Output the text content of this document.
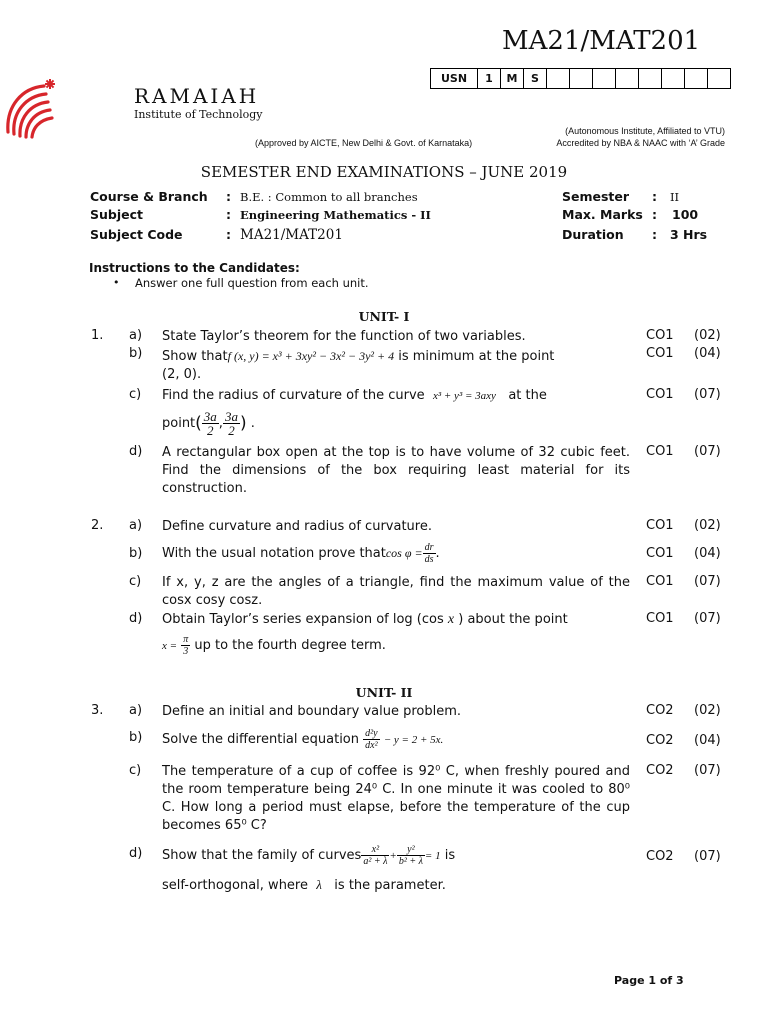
MA21/MAT201
USN	1	M	S								
RAMAIAH
Institute of Technology
(Approved by AICTE, New Delhi & Govt. of Karnataka)
(Autonomous Institute, Affiliated to VTU)
Accredited by NBA & NAAC with ‘A’ Grade
SEMESTER END EXAMINATIONS – JUNE 2019
Course & Branch : B.E. : Common to all branches
Subject	: Engineering Mathematics - II
Subject Code	: MA21/MAT201
Semester : II
Max. Marks : 100
Duration : 3 Hrs
Instructions to the Candidates:
• Answer one full question from each unit.
UNIT- I
1. a) State Taylor’s theorem for the function of two variables.	CO1 (02)
b) Show thatf (x, y) = x³ + 3xy² − 3x² − 3y² + 4 is minimum at the point
(2, 0).
CO1 (04)
c) Find the radius of curvature of the curve x³ + y³ = 3axy at the
point( $\frac{3a}{2}$ , $\frac{3a}{2}$ ) .
CO1 (07)
d) A rectangular box open at the top is to have volume of 32 cubic feet. Find the dimensions of the box requiring least material for its construction.
CO1 (07)
2. a) Define curvature and radius of curvature.	CO1 (02)
b) With the usual notation prove thatcos $\varphi = \frac{dr}{ds}$ .	CO1 (04)
c) If x, y, z are the angles of a triangle, find the maximum value of the cosx cosy cosz.
CO1 (07)
d) Obtain Taylor’s series expansion of log (cos x ) about the point
$x = \frac{\pi}{3}$ up to the fourth degree term.
CO1 (07)
UNIT- II
3. a) Define an initial and boundary value problem.	CO2 (02)
b) Solve the differential equation $\frac{\text{d²y}}{\text{dx²}} - y = 2 + 5x$.	CO2 (04)
c) The temperature of a cup of coffee is 92⁰ C, when freshly poured and the room temperature being 24⁰ C. In one minute it was cooled to 80⁰ C. How long a period must elapse, before the temperature of the cup becomes 65⁰ C?
CO2 (07)
d) Show that the family of curves $\frac{\text{x²}}{\text{a² + λ}} + \frac{\text{y²}}{\text{b² + λ}} = 1$ is
self-orthogonal, where λ is the parameter.
CO2 (07)
Page 1 of 3
